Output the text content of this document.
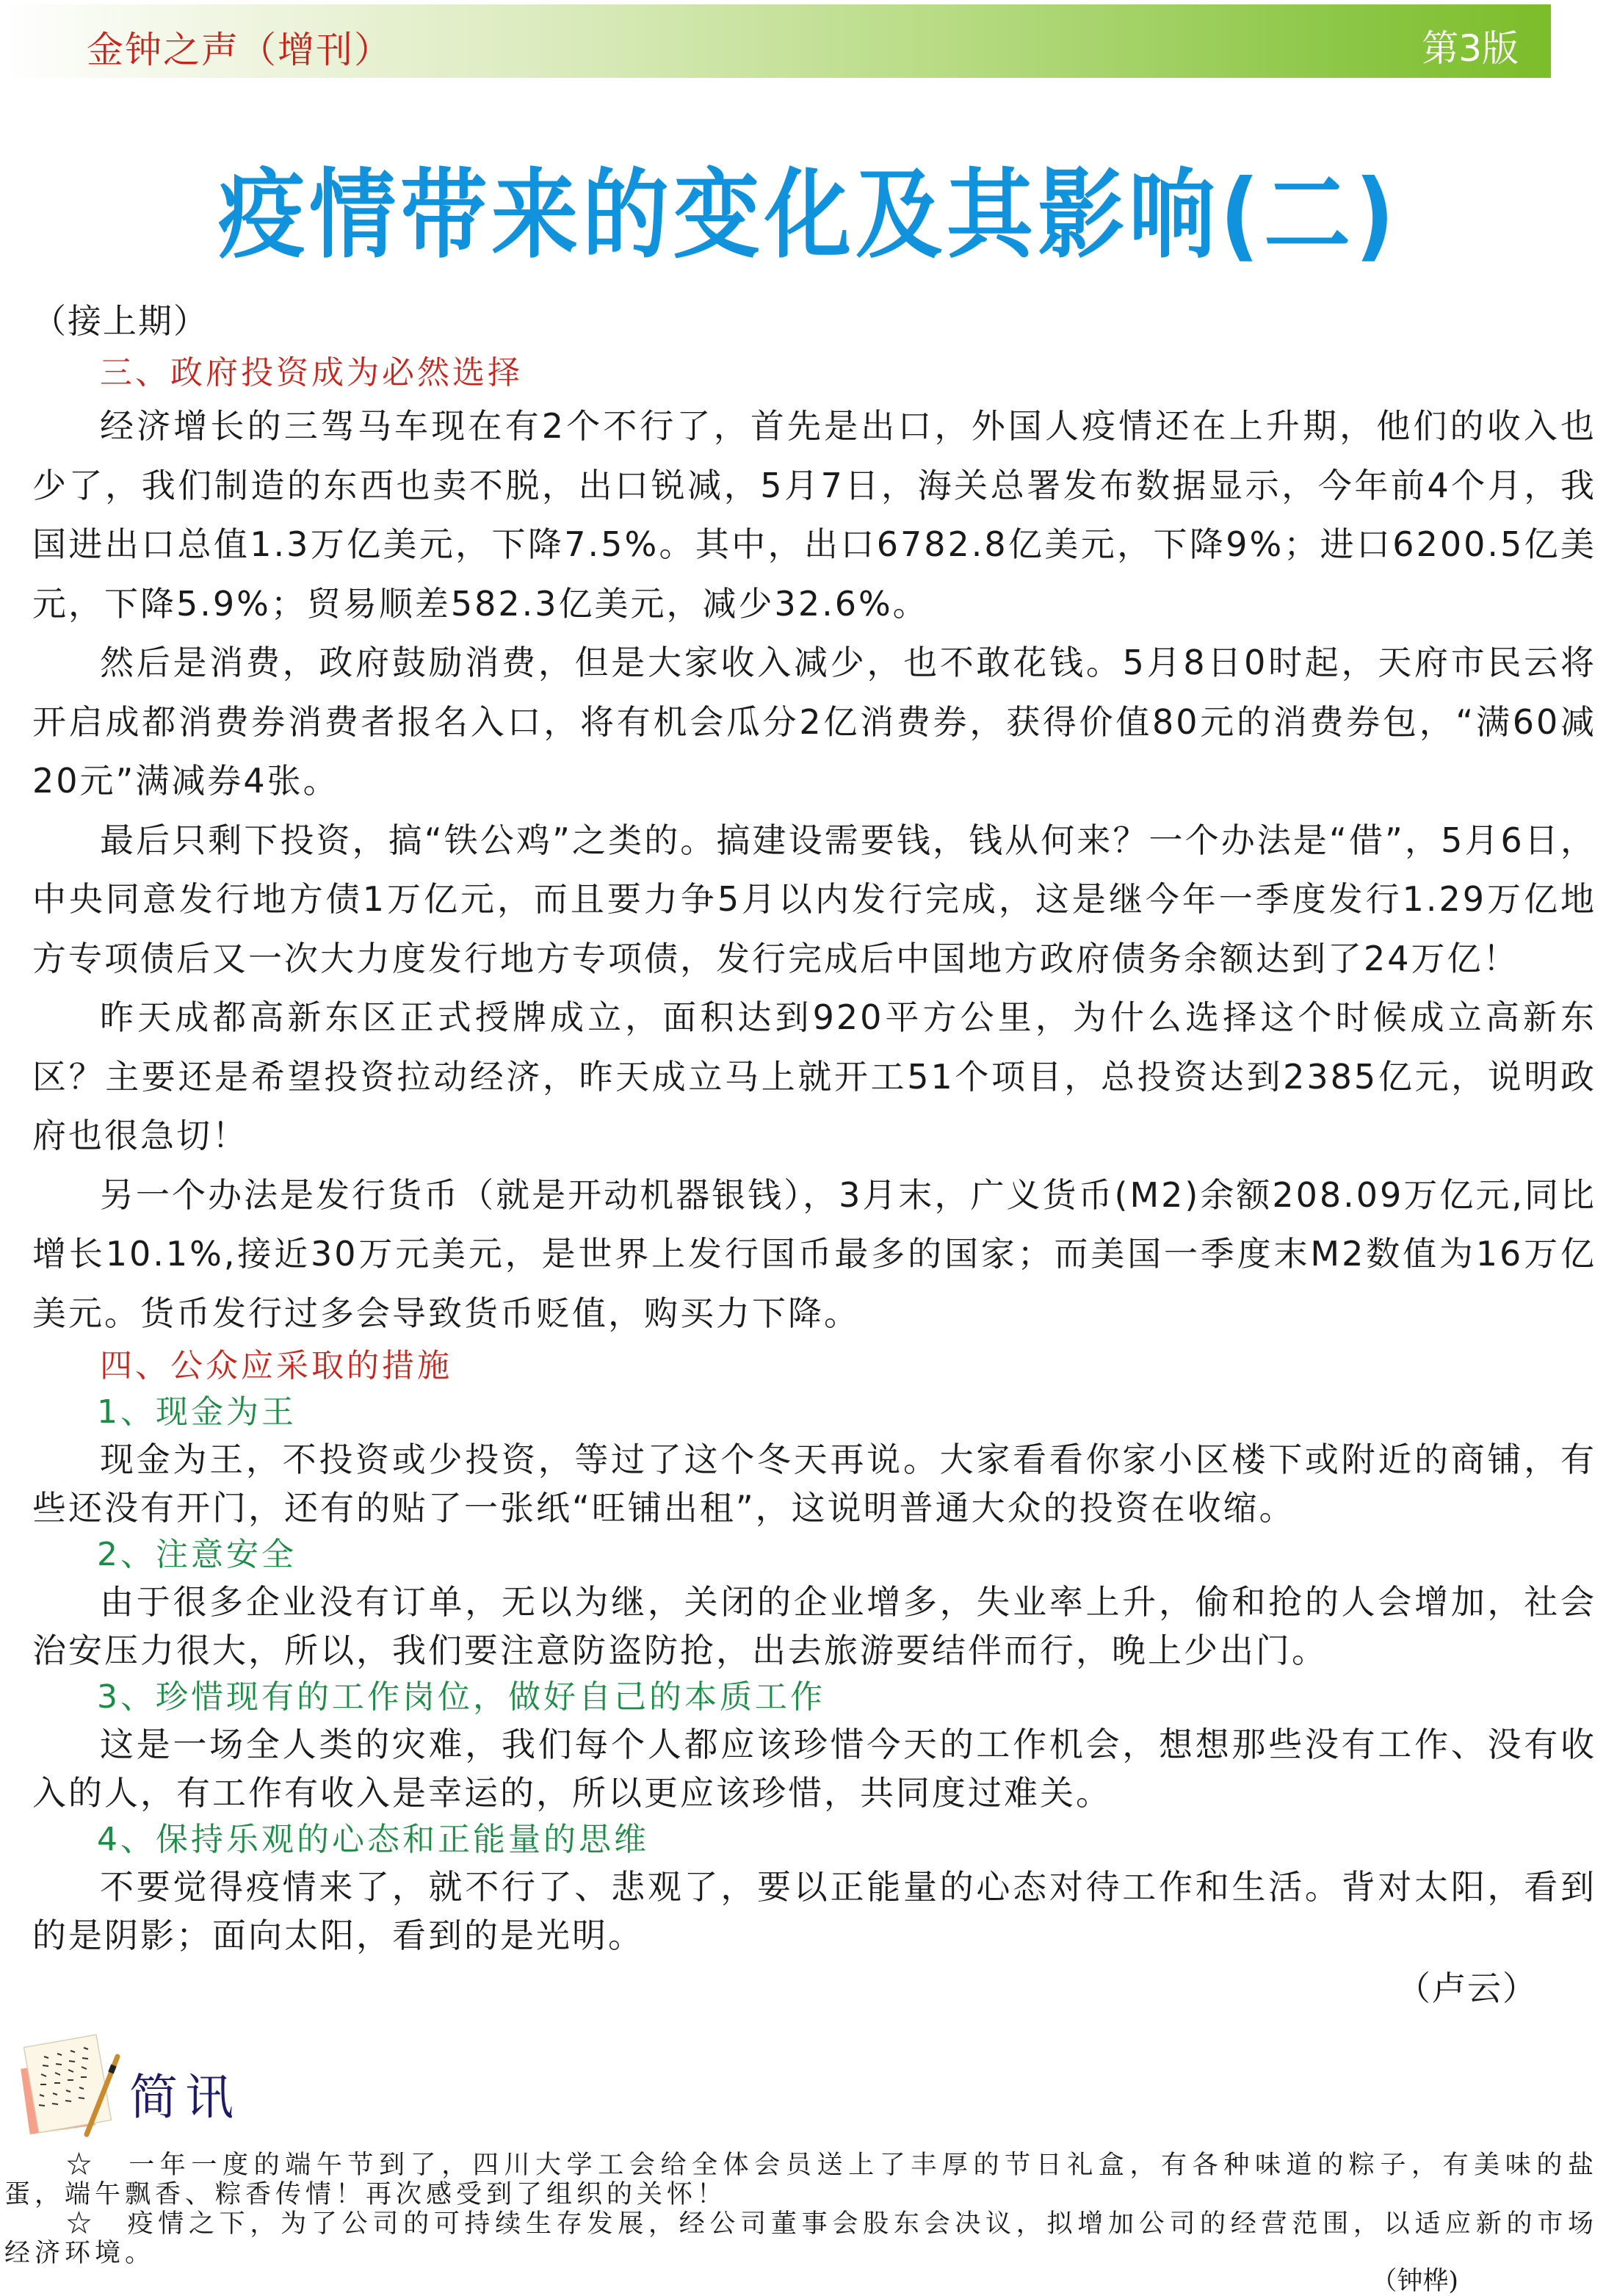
金钟之声（增刊）	第3版
疫情带来的变化及其影响(二)
（接上期）
三、政府投资成为必然选择

经济增长的三驾马车现在有2个不行了，首先是出口，外国人疫情还在上升期，他们的收入也少了，我们制造的东西也卖不脱，出口锐减，5月7日，海关总署发布数据显示，今年前4个月，我国进出口总值1.3万亿美元，下降7.5%。其中，出口6782.8亿美元，下降9%；进口6200.5亿美元，下降5.9%；贸易顺差582.3亿美元，减少32.6%。

然后是消费，政府鼓励消费，但是大家收入减少，也不敢花钱。5月8日0时起，天府市民云将开启成都消费券消费者报名入口，将有机会瓜分2亿消费券，获得价值80元的消费券包，“满60减20元”满减券4张。

最后只剩下投资，搞“铁公鸡”之类的。搞建设需要钱，钱从何来？一个办法是“借”，5月6日，中央同意发行地方债1万亿元，而且要力争5月以内发行完成，这是继今年一季度发行1.29万亿地方专项债后又一次大力度发行地方专项债，发行完成后中国地方政府债务余额达到了24万亿！

昨天成都高新东区正式授牌成立，面积达到920平方公里，为什么选择这个时候成立高新东区？主要还是希望投资拉动经济，昨天成立马上就开工51个项目，总投资达到2385亿元，说明政府也很急切！

另一个办法是发行货币（就是开动机器银钱），3月末，广义货币(M2)余额208.09万亿元,同比增长10.1%,接近30万元美元，是世界上发行国币最多的国家；而美国一季度末M2数值为16万亿美元。货币发行过多会导致货币贬值，购买力下降。

四、公众应采取的措施
1、现金为王

现金为王，不投资或少投资，等过了这个冬天再说。大家看看你家小区楼下或附近的商铺，有些还没有开门，还有的贴了一张纸“旺铺出租”，这说明普通大众的投资在收缩。

2、注意安全

由于很多企业没有订单，无以为继，关闭的企业增多，失业率上升，偷和抢的人会增加，社会治安压力很大，所以，我们要注意防盗防抢，出去旅游要结伴而行，晚上少出门。

3、珍惜现有的工作岗位，做好自己的本质工作

这是一场全人类的灾难，我们每个人都应该珍惜今天的工作机会，想想那些没有工作、没有收入的人，有工作有收入是幸运的，所以更应该珍惜，共同度过难关。

4、保持乐观的心态和正能量的思维

不要觉得疫情来了，就不行了、悲观了，要以正能量的心态对待工作和生活。背对太阳，看到的是阴影；面向太阳，看到的是光明。

（卢云）
简讯

☆　一年一度的端午节到了，四川大学工会给全体会员送上了丰厚的节日礼盒，有各种味道的粽子，有美味的盐蛋，端午飘香、粽香传情！再次感受到了组织的关怀！

☆　疫情之下，为了公司的可持续生存发展，经公司董事会股东会决议，拟增加公司的经营范围，以适应新的市场经济环境。

（钟桦)
